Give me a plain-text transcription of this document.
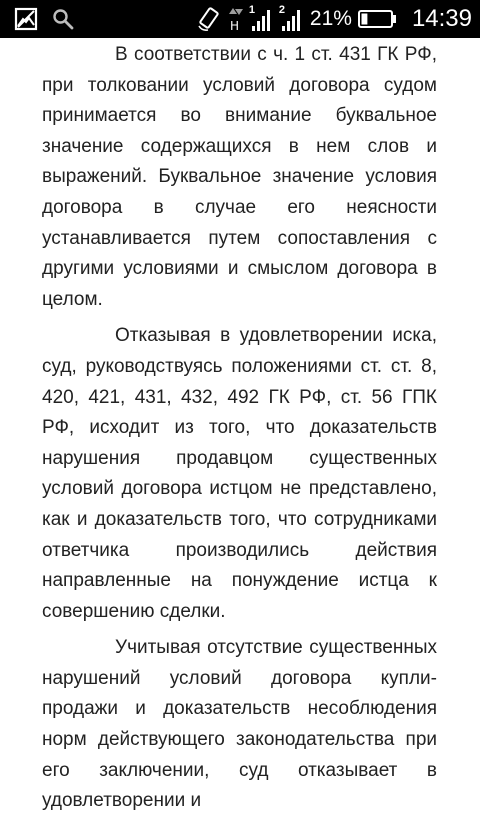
H
1 2 21%	14:39

В соответствии с ч. 1 ст. 431 ГК РФ, при толковании условий договора судом принимается во внимание буквальное значение содержащихся в нем слов и выражений. Буквальное значение условия договора в случае его неясности устанавливается путем сопоставления с другими условиями и смыслом договора в целом.

Отказывая в удовлетворении иска, суд, руководствуясь положениями ст. ст. 8, 420, 421, 431, 432, 492 ГК РФ, ст. 56 ГПК РФ, исходит из того, что доказательств нарушения продавцом существенных условий договора истцом не представлено, как и доказательств того, что сотрудниками ответчика производились действия направленные на понуждение истца к совершению сделки.

Учитывая отсутствие существенных нарушений условий договора купли-продажи и доказательств несоблюдения норм действующего законодательства при его заключении, суд отказывает в удовлетворении и
